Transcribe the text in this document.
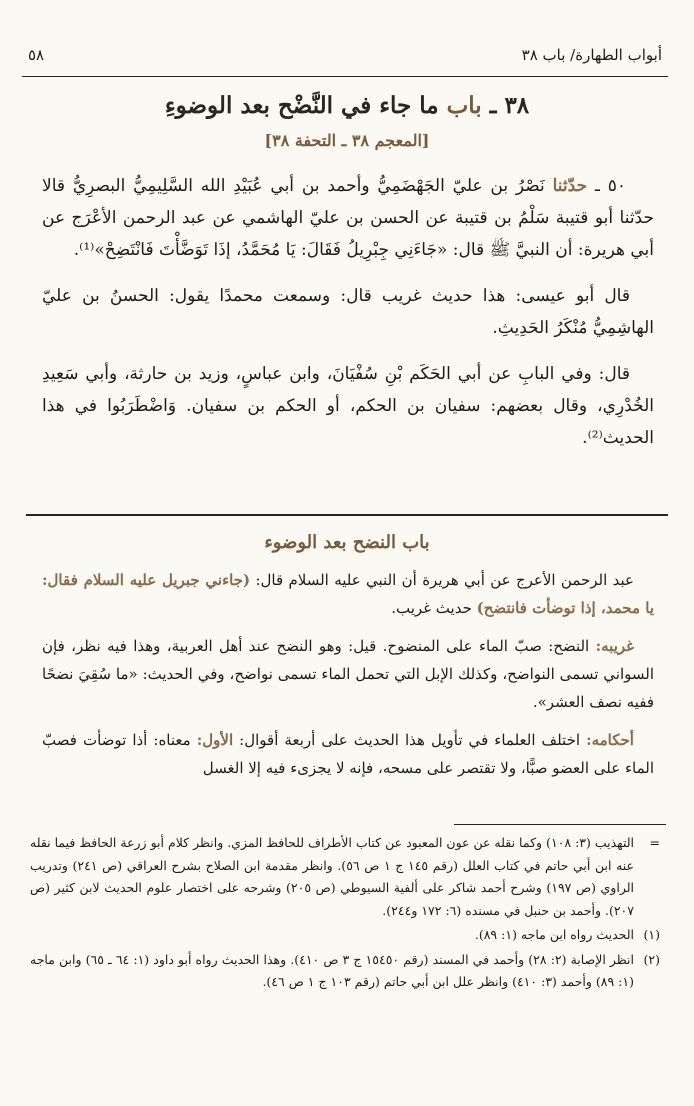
أبواب الطهارة/ باب ٣٨
٥٨
٣٨ ـ باب ما جاء في النَّضْح بعد الوضوءِ
[المعجم ٣٨ ـ التحفة ٣٨]

٥٠ ـ حدّثنا نَصْرُ بن عليّ الجَهْضَمِيُّ وأحمد بن أبي عُبَيْدِ الله السَّلِيمِيُّ البصرِيُّ قالا حدّثنا أبو قتيبة سَلْمُ بن قتيبة عن الحسن بن عليّ الهاشمي عن عبد الرحمن الأعْرَج عن أبي هريرة: أن النبيَّ ﷺ قال: «جَاءَنِي جِبْرِيلُ فَقَالَ: يَا مُحَمَّدُ، إذَا تَوَضَّأْتَ فَانْتَضِحْ»⁽¹⁾.

قال أبو عيسى: هذا حديث غريب قال: وسمعت محمدًا يقول: الحسنُ بن عليّ الهاشِمِيُّ مُنْكَرُ الحَدِيثِ.

قال: وفي البابِ عن أبي الحَكَم بْنِ سُفْيَانَ، وابن عباسٍ، وزيد بن حارثة، وأبي سَعِيدِ الخُدْرِي، وقال بعضهم: سفيان بن الحكم، أو الحكم بن سفيان. وَاضْطَرَبُوا في هذا الحديث⁽²⁾.

باب النضح بعد الوضوء

عبد الرحمن الأعرج عن أبي هريرة أن النبي عليه السلام قال: (جاءني جبريل عليه السلام فقال: يا محمد، إذا توضأت فانتضح) حديث غريب.

غريبه: النضح: صبّ الماء على المنضوح. قيل: وهو النضح عند أهل العربية، وهذا فيه نظر، فإن السواني تسمى النواضح، وكذلك الإبل التي تحمل الماء تسمى نواضح، وفي الحديث: «ما سُقِيَ نضحًا ففيه نصف العشر».

أحكامه: اختلف العلماء في تأويل هذا الحديث على أربعة أقوال: الأول: معناه: أذا توضأت فصبّ الماء على العضو صبًّا، ولا تقتصر على مسحه، فإنه لا يجزىء فيه إلا الغسل

=
التهذيب (٣: ١٠٨) وكما نقله عن عون المعبود عن كتاب الأطراف للحافظ المزي. وانظر كلام أبو زرعة الحافظ فيما نقله عنه ابن أبي حاتم في كتاب العلل (رقم ١٤٥ ج ١ ص ٥٦). وانظر مقدمة ابن الصلاح بشرح العراقي (ص ٢٤١) وتدريب الراوي (ص ١٩٧) وشرح أحمد شاكر على ألفية السيوطي (ص ٢٠٥) وشرحه على اختصار علوم الحديث لابن كثير (ص ٢٠٧). وأحمد بن حنبل في مسنده (٦: ١٧٢ و٢٤٤).
(١)
الحديث رواه ابن ماجه (١: ٨٩).
(٢)
انظر الإصابة (٢: ٢٨) وأحمد في المسند (رقم ١٥٤٥٠ ج ٣ ص ٤١٠). وهذا الحديث رواه أبو داود (١: ٦٤ ـ ٦٥) وابن ماجه (١: ٨٩) وأحمد (٣: ٤١٠) وانظر علل ابن أبي حاتم (رقم ١٠٣ ج ١ ص ٤٦).
